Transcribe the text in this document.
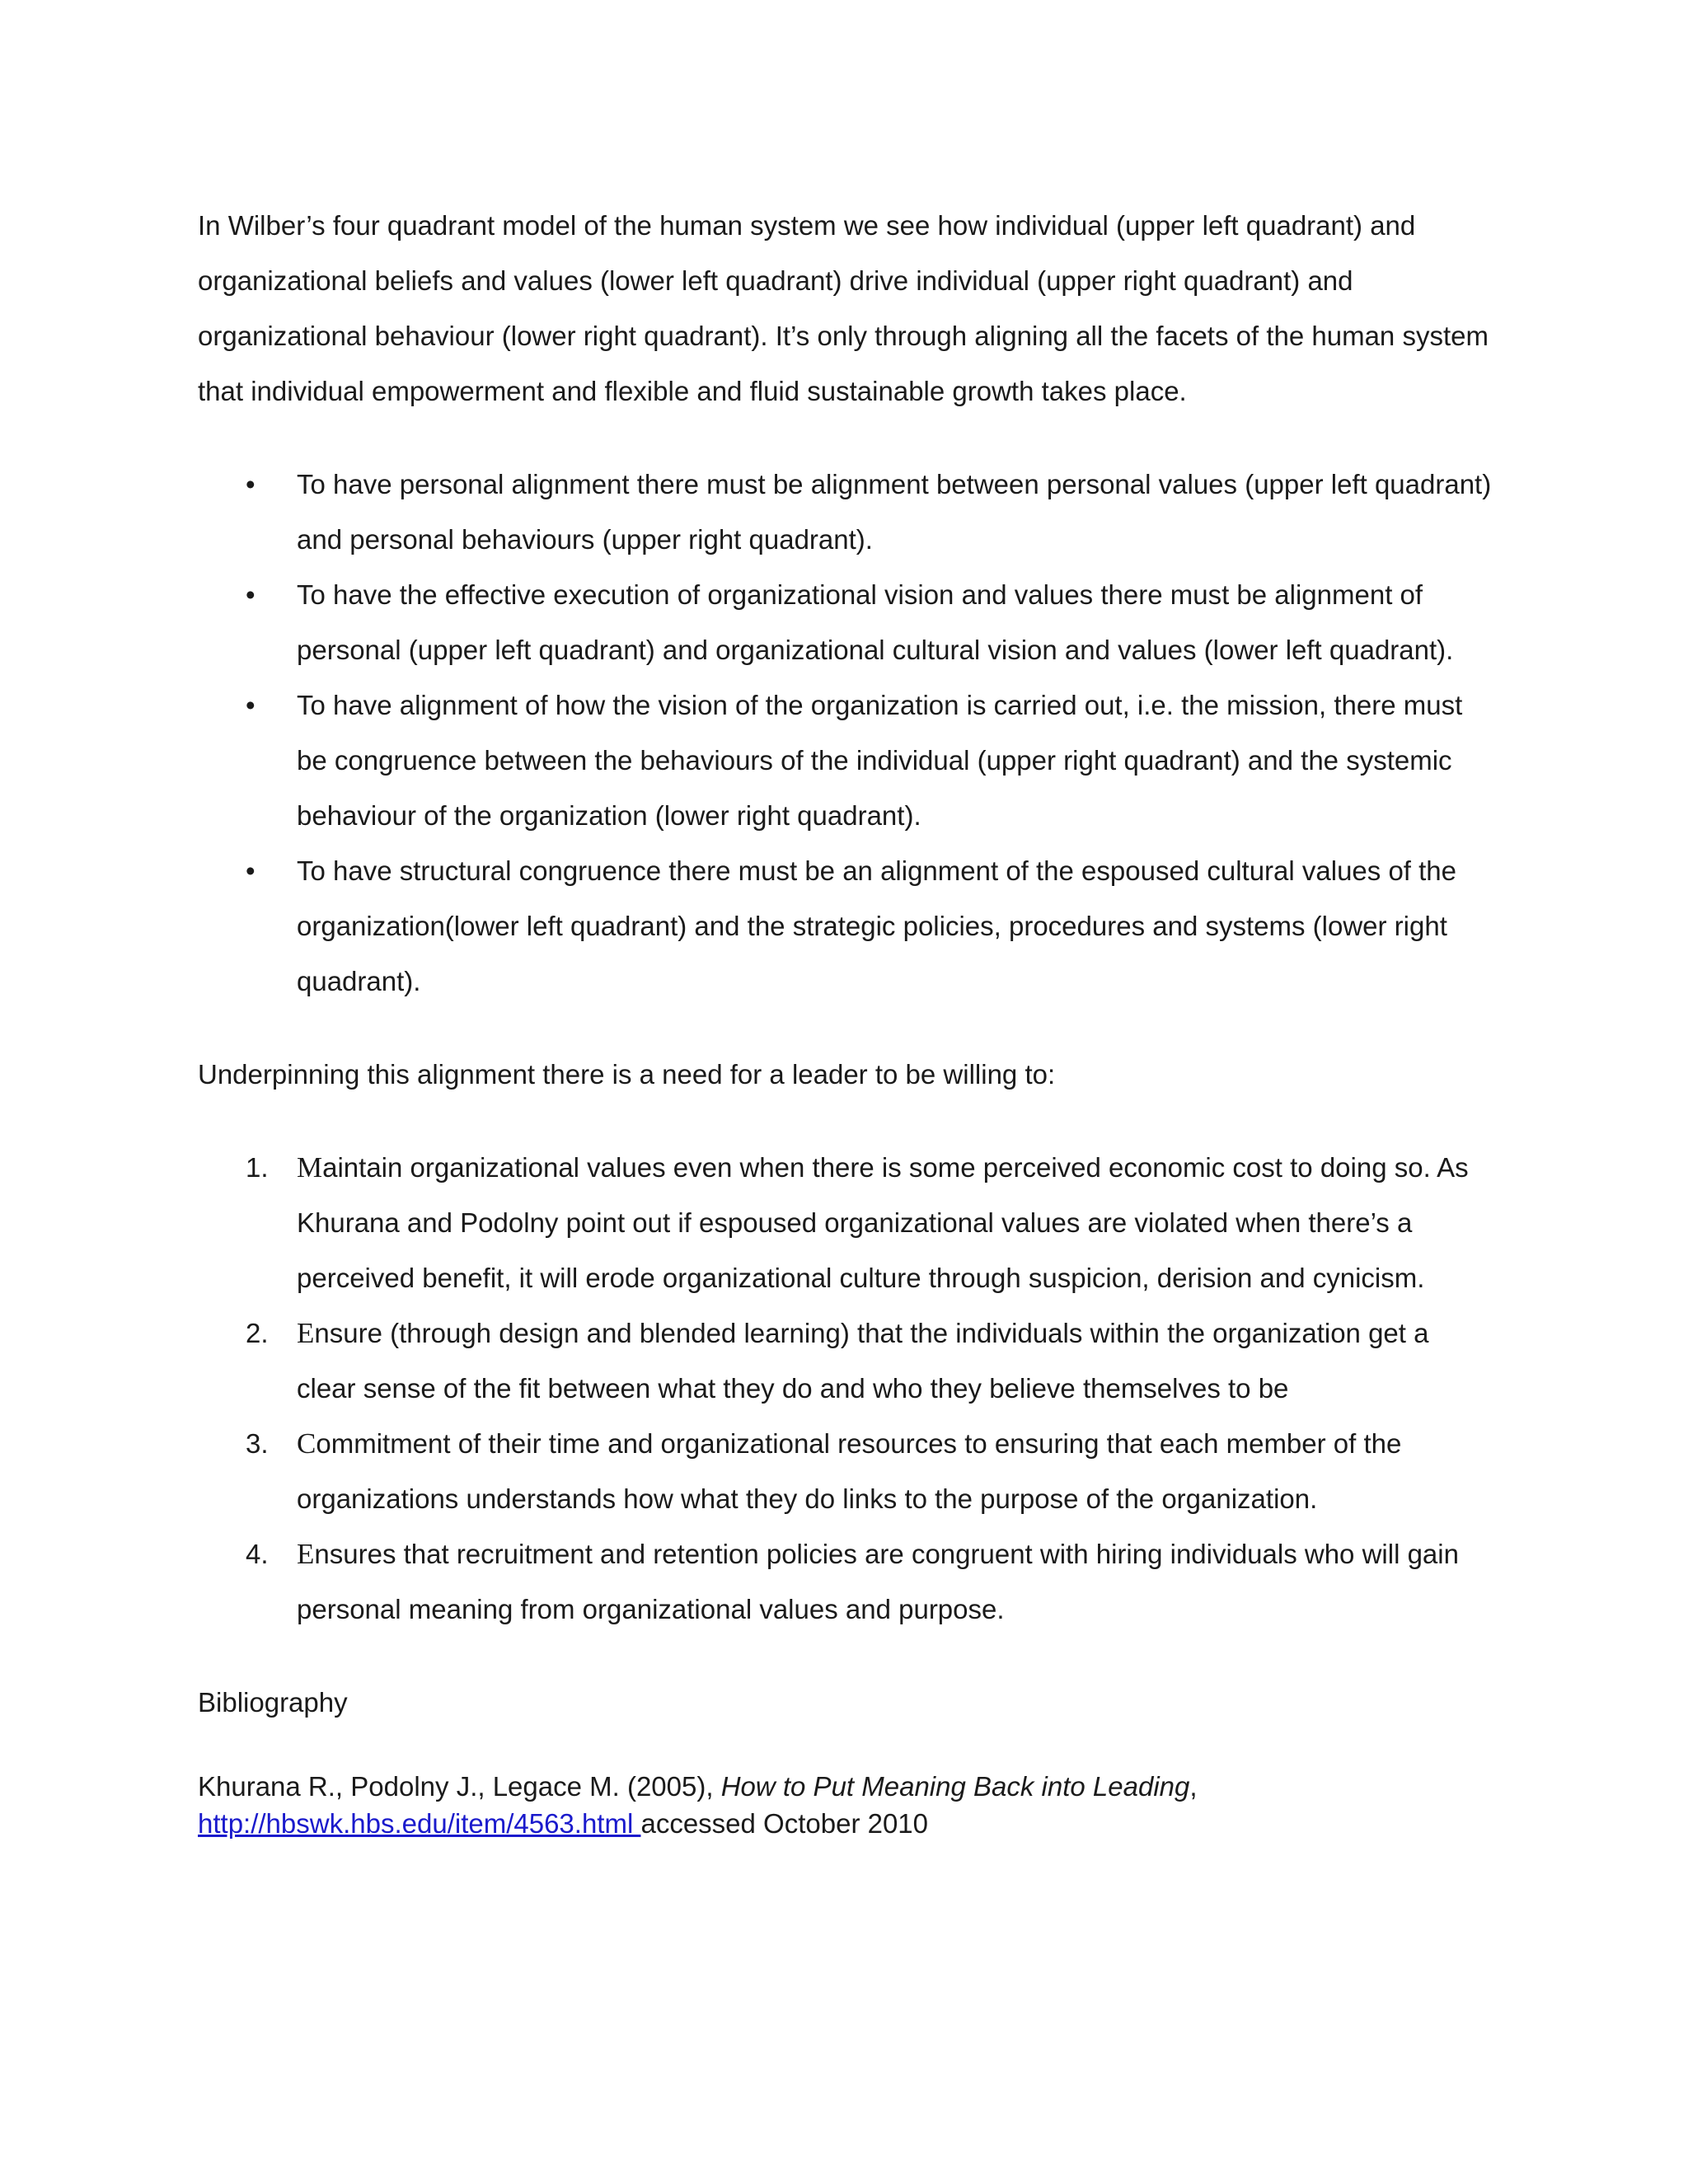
In Wilber’s four quadrant model of the human system we see how individual (upper left quadrant) and organizational beliefs and values (lower left quadrant) drive individual (upper right quadrant) and organizational behaviour (lower right quadrant). It’s only through aligning all the facets of the human system that individual empowerment and flexible and fluid sustainable growth takes place.

• To have personal alignment there must be alignment between personal values (upper left quadrant) and personal behaviours (upper right quadrant).
• To have the effective execution of organizational vision and values there must be alignment of personal (upper left quadrant) and organizational cultural vision and values (lower left quadrant).
• To have alignment of how the vision of the organization is carried out, i.e. the mission, there must be congruence between the behaviours of the individual (upper right quadrant) and the systemic behaviour of the organization (lower right quadrant).
• To have structural congruence there must be an alignment of the espoused cultural values of the organization(lower left quadrant) and the strategic policies, procedures and systems (lower right quadrant).

Underpinning this alignment there is a need for a leader to be willing to:

1. Maintain organizational values even when there is some perceived economic cost to doing so. As Khurana and Podolny point out if espoused organizational values are violated when there’s a perceived benefit, it will erode organizational culture through suspicion, derision and cynicism.
2. Ensure (through design and blended learning) that the individuals within the organization get a clear sense of the fit between what they do and who they believe themselves to be
3. Commitment of their time and organizational resources to ensuring that each member of the organizations understands how what they do links to the purpose of the organization.
4. Ensures that recruitment and retention policies are congruent with hiring individuals who will gain personal meaning from organizational values and purpose.

Bibliography

Khurana R., Podolny J., Legace M. (2005), How to Put Meaning Back into Leading,
http://hbswk.hbs.edu/item/4563.html accessed October 2010
